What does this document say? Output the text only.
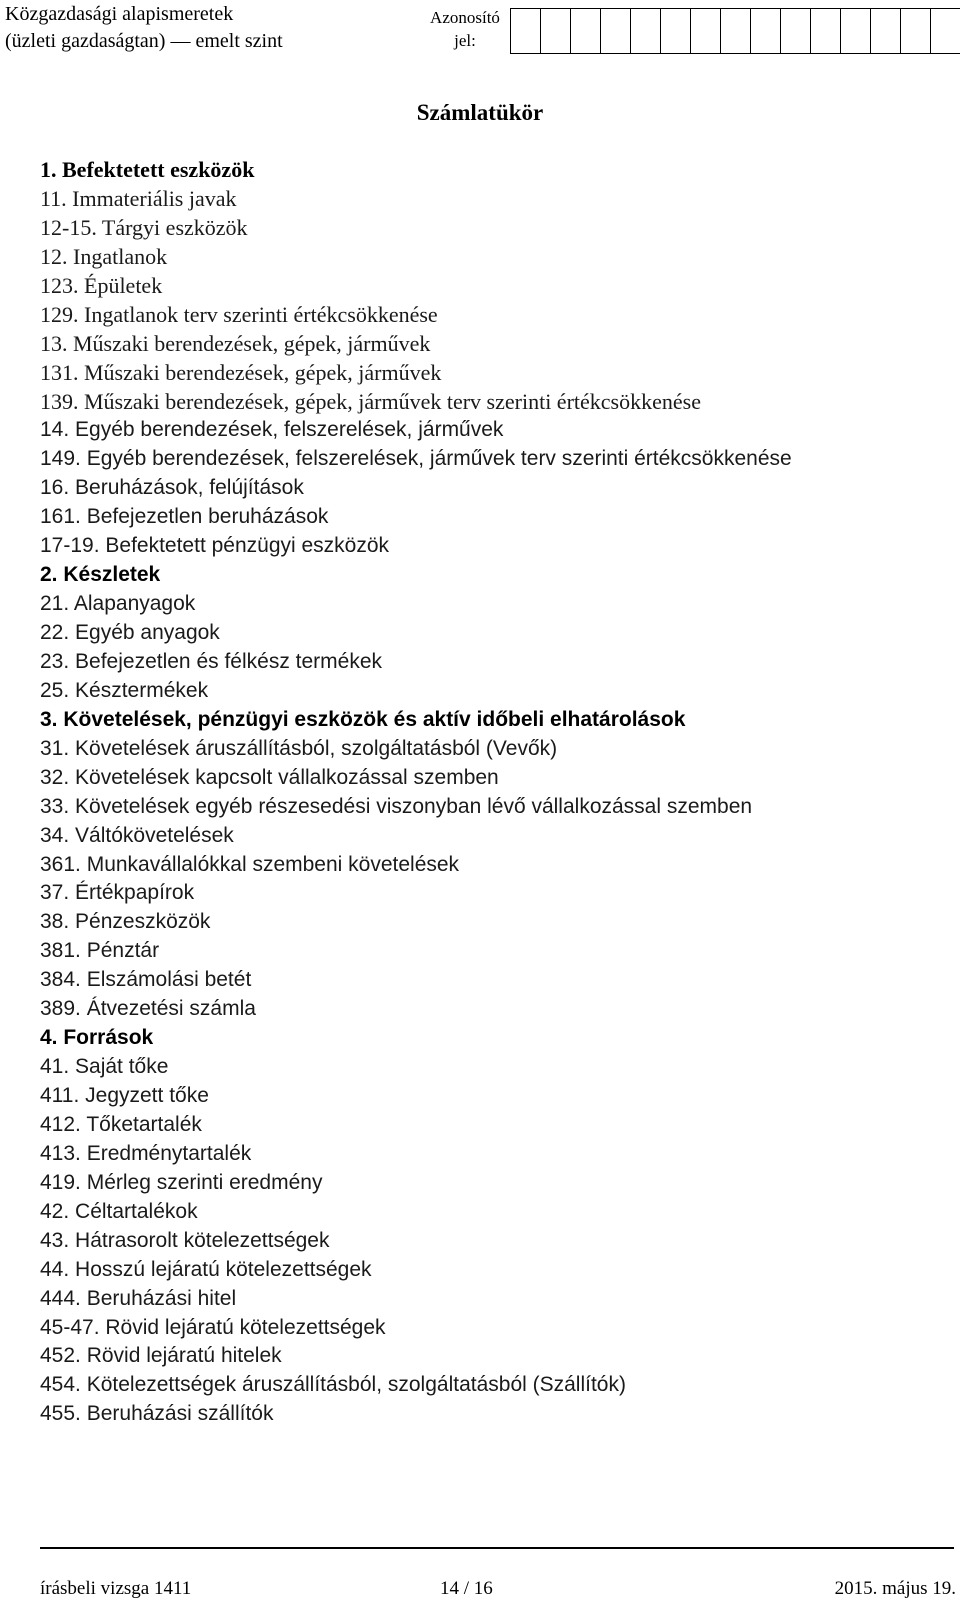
Közgazdasági alapismeretek
(üzleti gazdaságtan) — emelt szint
Azonosító
jel:
Számlatükör
1. Befektetett eszközök
11. Immateriális javak
12-15. Tárgyi eszközök
12. Ingatlanok
123. Épületek
129. Ingatlanok terv szerinti értékcsökkenése
13. Műszaki berendezések, gépek, járművek
131. Műszaki berendezések, gépek, járművek
139. Műszaki berendezések, gépek, járművek terv szerinti értékcsökkenése
14. Egyéb berendezések, felszerelések, járművek
149. Egyéb berendezések, felszerelések, járművek terv szerinti értékcsökkenése
16. Beruházások, felújítások
161. Befejezetlen beruházások
17-19. Befektetett pénzügyi eszközök
2. Készletek
21. Alapanyagok
22. Egyéb anyagok
23. Befejezetlen és félkész termékek
25. Késztermékek
3. Követelések, pénzügyi eszközök és aktív időbeli elhatárolások
31. Követelések áruszállításból, szolgáltatásból (Vevők)
32. Követelések kapcsolt vállalkozással szemben
33. Követelések egyéb részesedési viszonyban lévő vállalkozással szemben
34. Váltókövetelések
361. Munkavállalókkal szembeni követelések
37. Értékpapírok
38. Pénzeszközök
381. Pénztár
384. Elszámolási betét
389. Átvezetési számla
4. Források
41. Saját tőke
411. Jegyzett tőke
412. Tőketartalék
413. Eredménytartalék
419. Mérleg szerinti eredmény
42. Céltartalékok
43. Hátrasorolt kötelezettségek
44. Hosszú lejáratú kötelezettségek
444. Beruházási hitel
45-47. Rövid lejáratú kötelezettségek
452. Rövid lejáratú hitelek
454. Kötelezettségek áruszállításból, szolgáltatásból (Szállítók)
455. Beruházási szállítók
írásbeli vizsga 1411	14 / 16	2015. május 19.
